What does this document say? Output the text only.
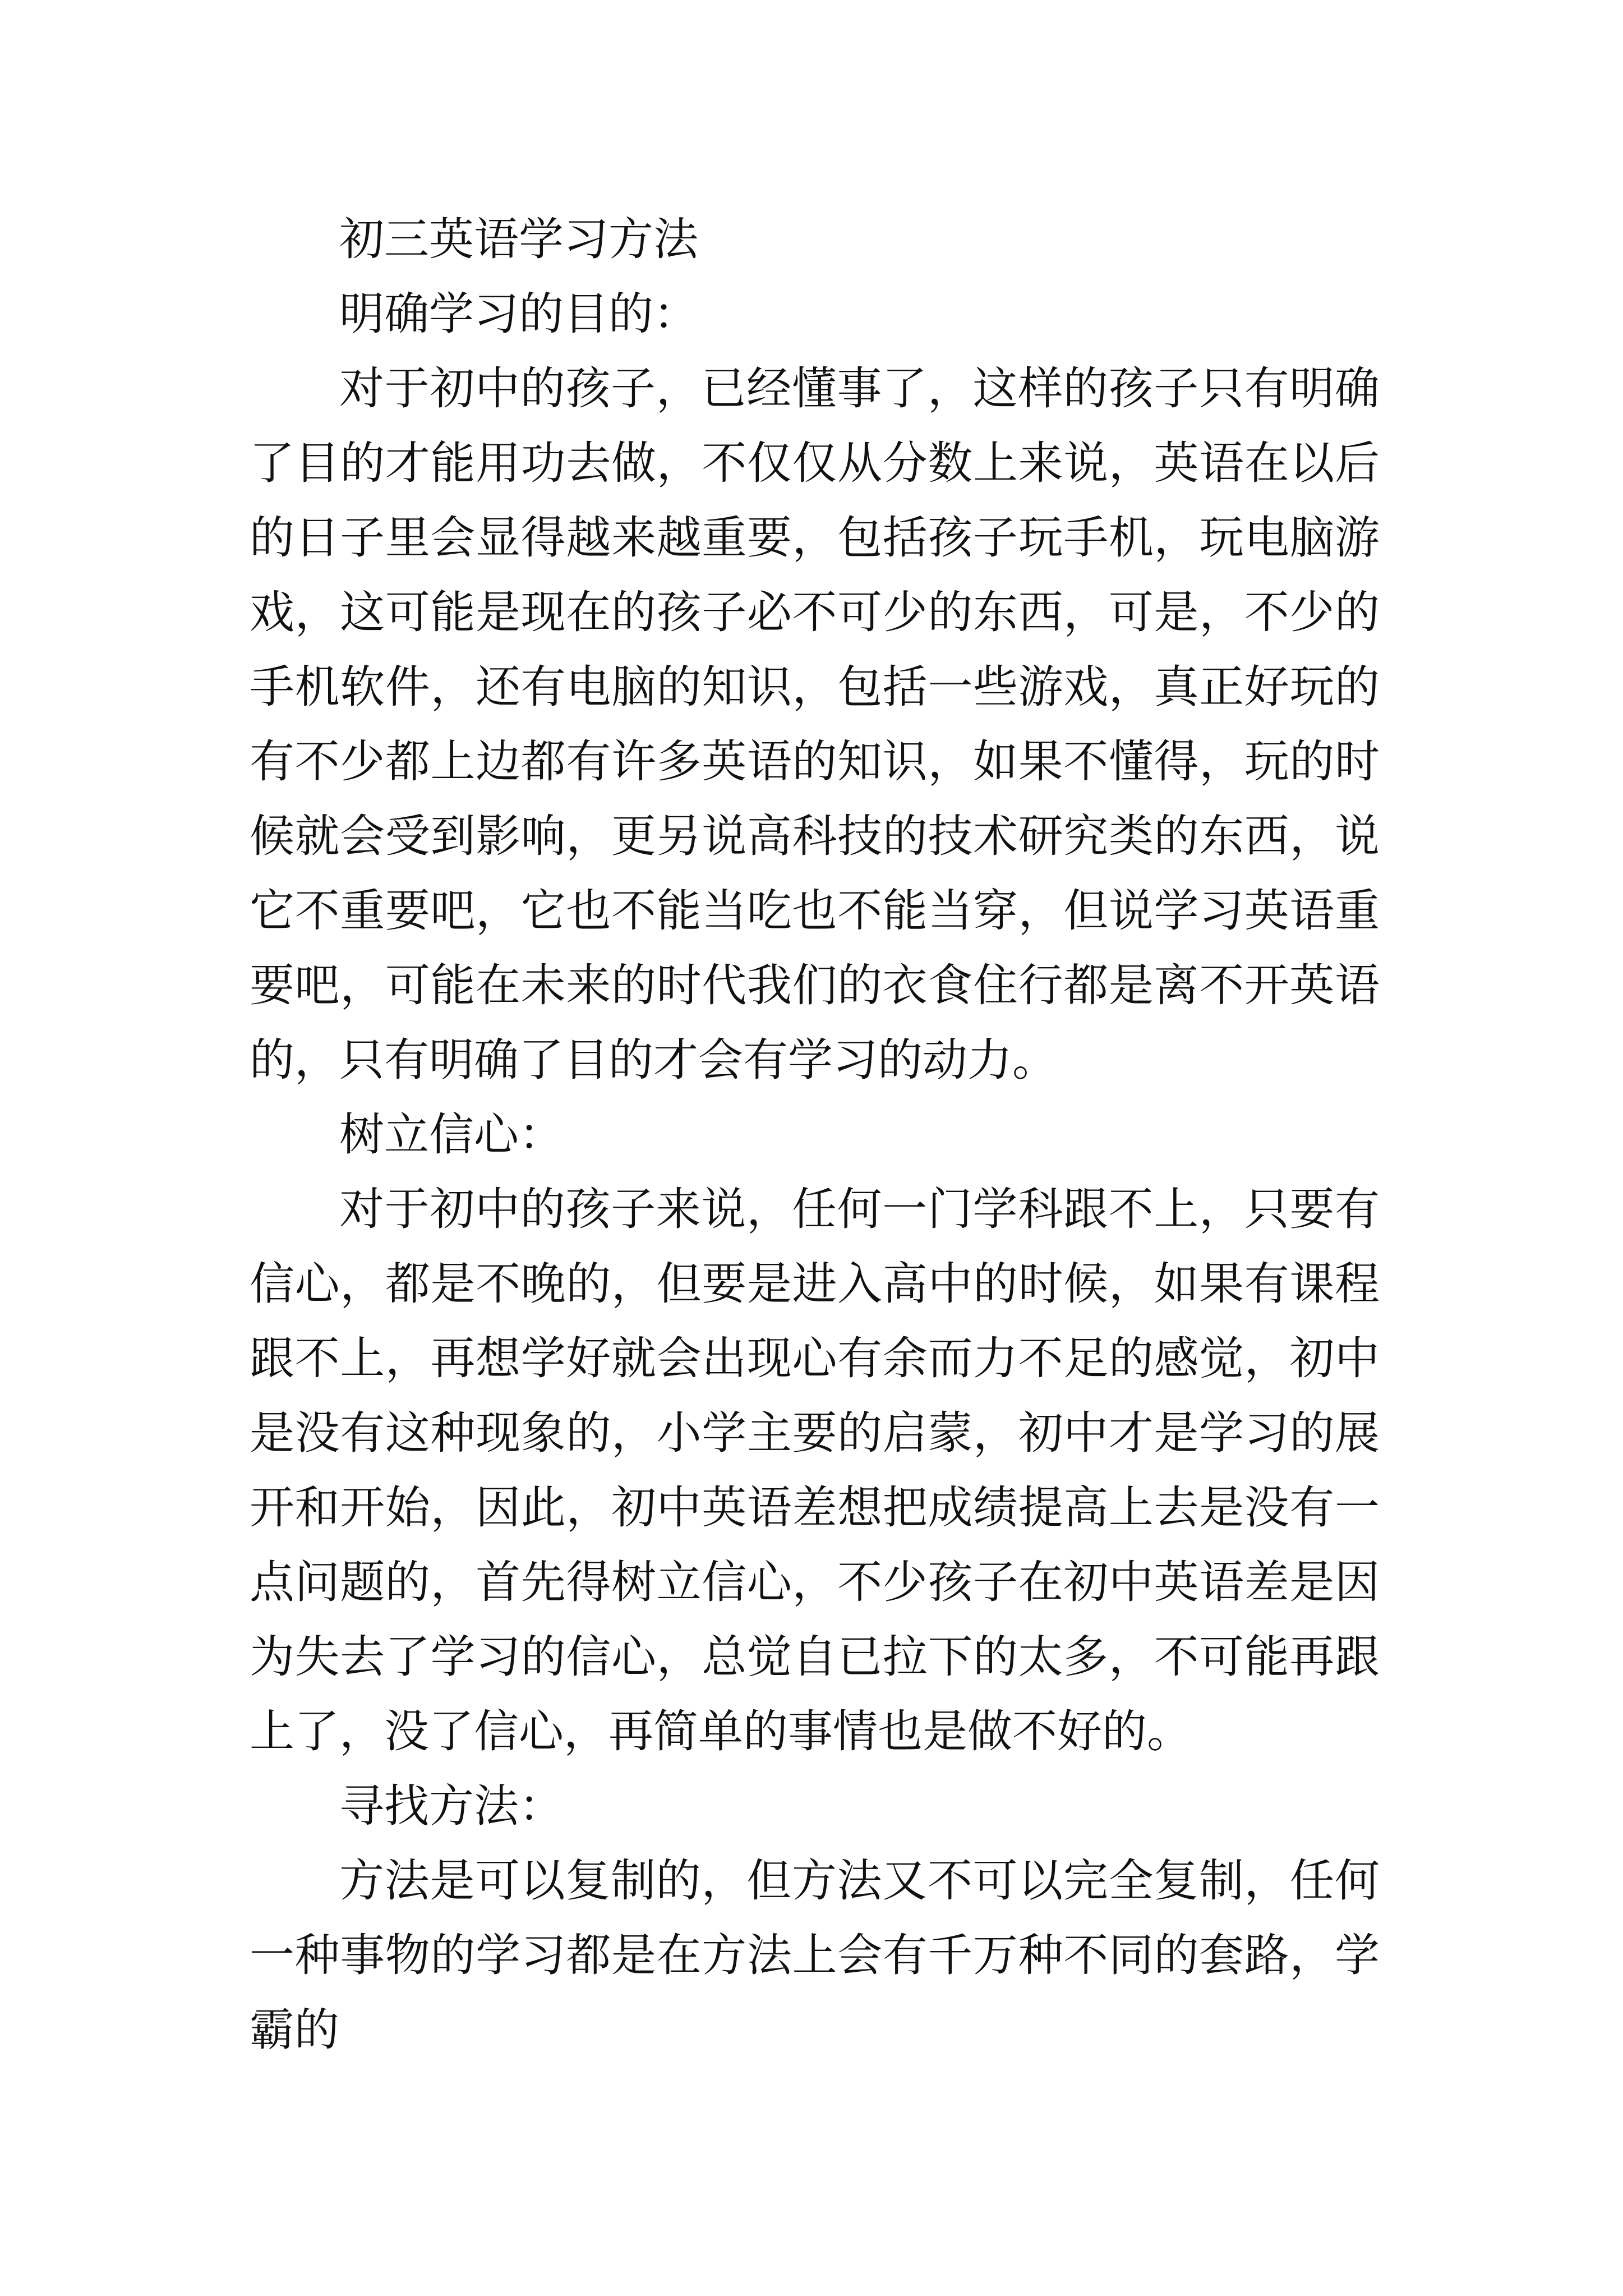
初三英语学习方法

明确学习的目的：

对于初中的孩子，已经懂事了，这样的孩子只有明确了目的才能用功去做，不仅仅从分数上来说，英语在以后的日子里会显得越来越重要，包括孩子玩手机，玩电脑游戏，这可能是现在的孩子必不可少的东西，可是，不少的手机软件，还有电脑的知识，包括一些游戏，真正好玩的有不少都上边都有许多英语的知识，如果不懂得，玩的时候就会受到影响，更另说高科技的技术研究类的东西，说它不重要吧，它也不能当吃也不能当穿，但说学习英语重要吧，可能在未来的时代我们的衣食住行都是离不开英语的，只有明确了目的才会有学习的动力。

树立信心：

对于初中的孩子来说，任何一门学科跟不上，只要有信心，都是不晚的，但要是进入高中的时候，如果有课程跟不上，再想学好就会出现心有余而力不足的感觉，初中是没有这种现象的，小学主要的启蒙，初中才是学习的展开和开始，因此，初中英语差想把成绩提高上去是没有一点问题的，首先得树立信心，不少孩子在初中英语差是因为失去了学习的信心，总觉自已拉下的太多，不可能再跟上了，没了信心，再简单的事情也是做不好的。

寻找方法：

方法是可以复制的，但方法又不可以完全复制，任何一种事物的学习都是在方法上会有千万种不同的套路，学霸的
